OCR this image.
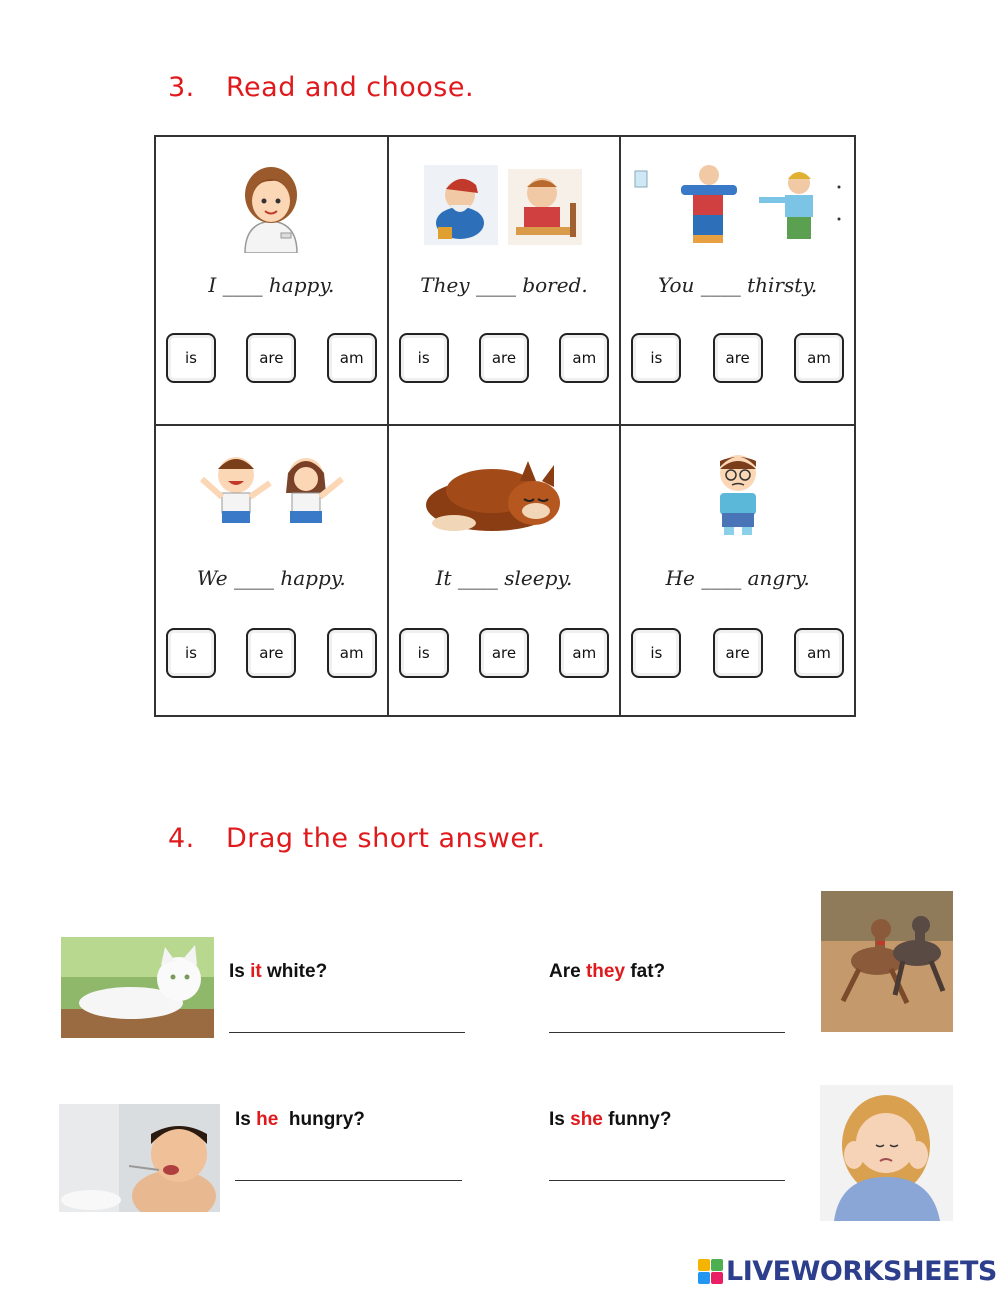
3. Read and choose.
I ____ happy.
is	are	am
They ____ bored.
is	are	am
You ____ thirsty.
is	are	am
We ____ happy.
is	are	am
It ____ sleepy.
is	are	am
He ____ angry.
is	are	am
4. Drag the short answer.
Is it white?	Are they fat?
Is he  hungry?	Is she funny?
LIVEWORKSHEETS
